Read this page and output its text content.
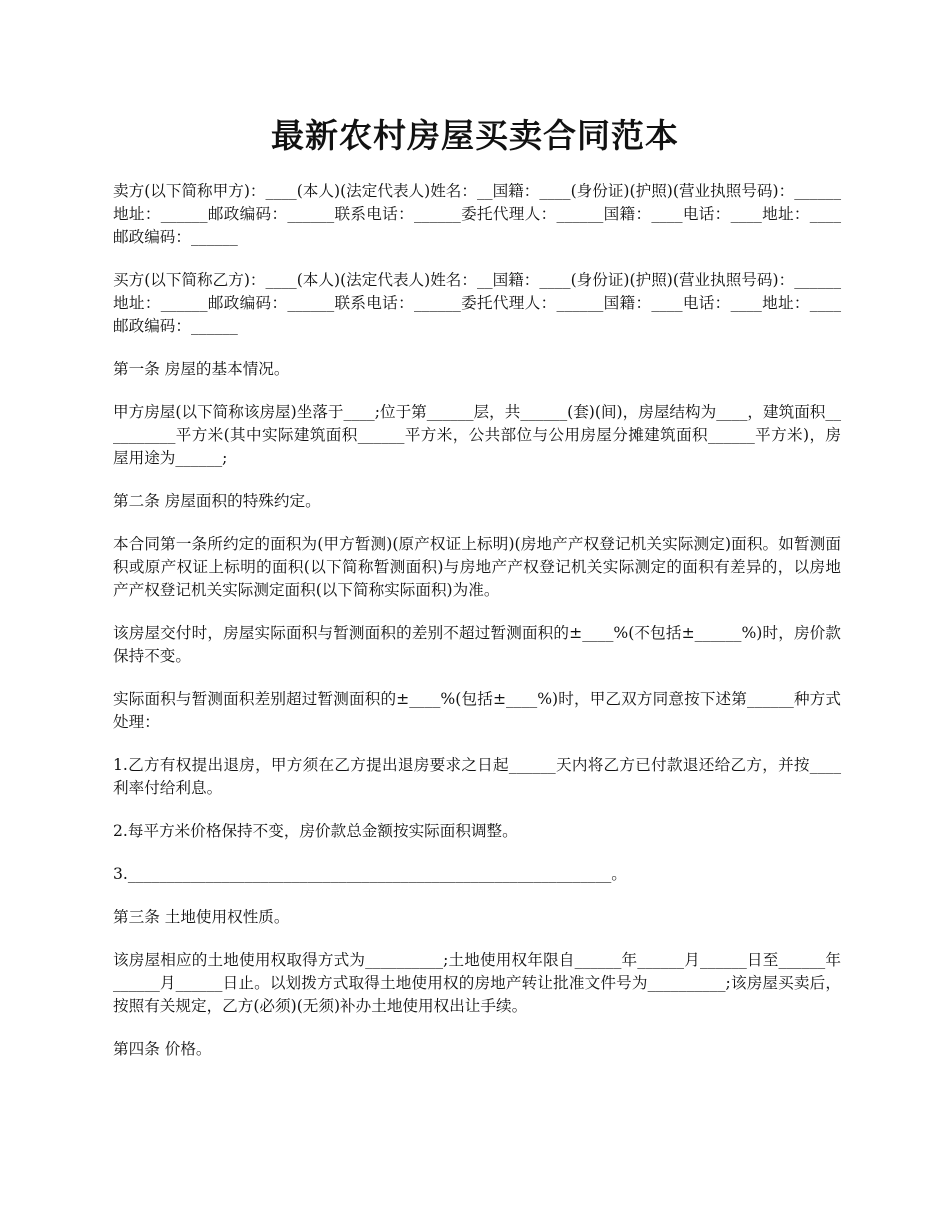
最新农村房屋买卖合同范本

卖方(以下简称甲方)：____(本人)(法定代表人)姓名：__国籍：____(身份证)(护照)(营业执照号码)：______地址：______邮政编码：______联系电话：______委托代理人：______国籍：____电话：____地址：____邮政编码：______

买方(以下简称乙方)：____(本人)(法定代表人)姓名：__国籍：____(身份证)(护照)(营业执照号码)：______地址：______邮政编码：______联系电话：______委托代理人：______国籍：____电话：____地址：____邮政编码：______

第一条 房屋的基本情况。

甲方房屋(以下简称该房屋)坐落于____;位于第______层，共______(套)(间)，房屋结构为____，建筑面积__________平方米(其中实际建筑面积______平方米，公共部位与公用房屋分摊建筑面积______平方米)，房屋用途为______;

第二条 房屋面积的特殊约定。

本合同第一条所约定的面积为(甲方暂测)(原产权证上标明)(房地产产权登记机关实际测定)面积。如暂测面积或原产权证上标明的面积(以下简称暂测面积)与房地产产权登记机关实际测定的面积有差异的，以房地产产权登记机关实际测定面积(以下简称实际面积)为准。

该房屋交付时，房屋实际面积与暂测面积的差别不超过暂测面积的±____%(不包括±______%)时，房价款保持不变。

实际面积与暂测面积差别超过暂测面积的±____%(包括±____%)时，甲乙双方同意按下述第______种方式处理：

1.乙方有权提出退房，甲方须在乙方提出退房要求之日起______天内将乙方已付款退还给乙方，并按____利率付给利息。

2.每平方米价格保持不变，房价款总金额按实际面积调整。

3.______________________________________________________________。

第三条 土地使用权性质。

该房屋相应的土地使用权取得方式为__________;土地使用权年限自______年______月______日至______年______月______日止。以划拨方式取得土地使用权的房地产转让批准文件号为__________;该房屋买卖后，按照有关规定，乙方(必须)(无须)补办土地使用权出让手续。

第四条 价格。
